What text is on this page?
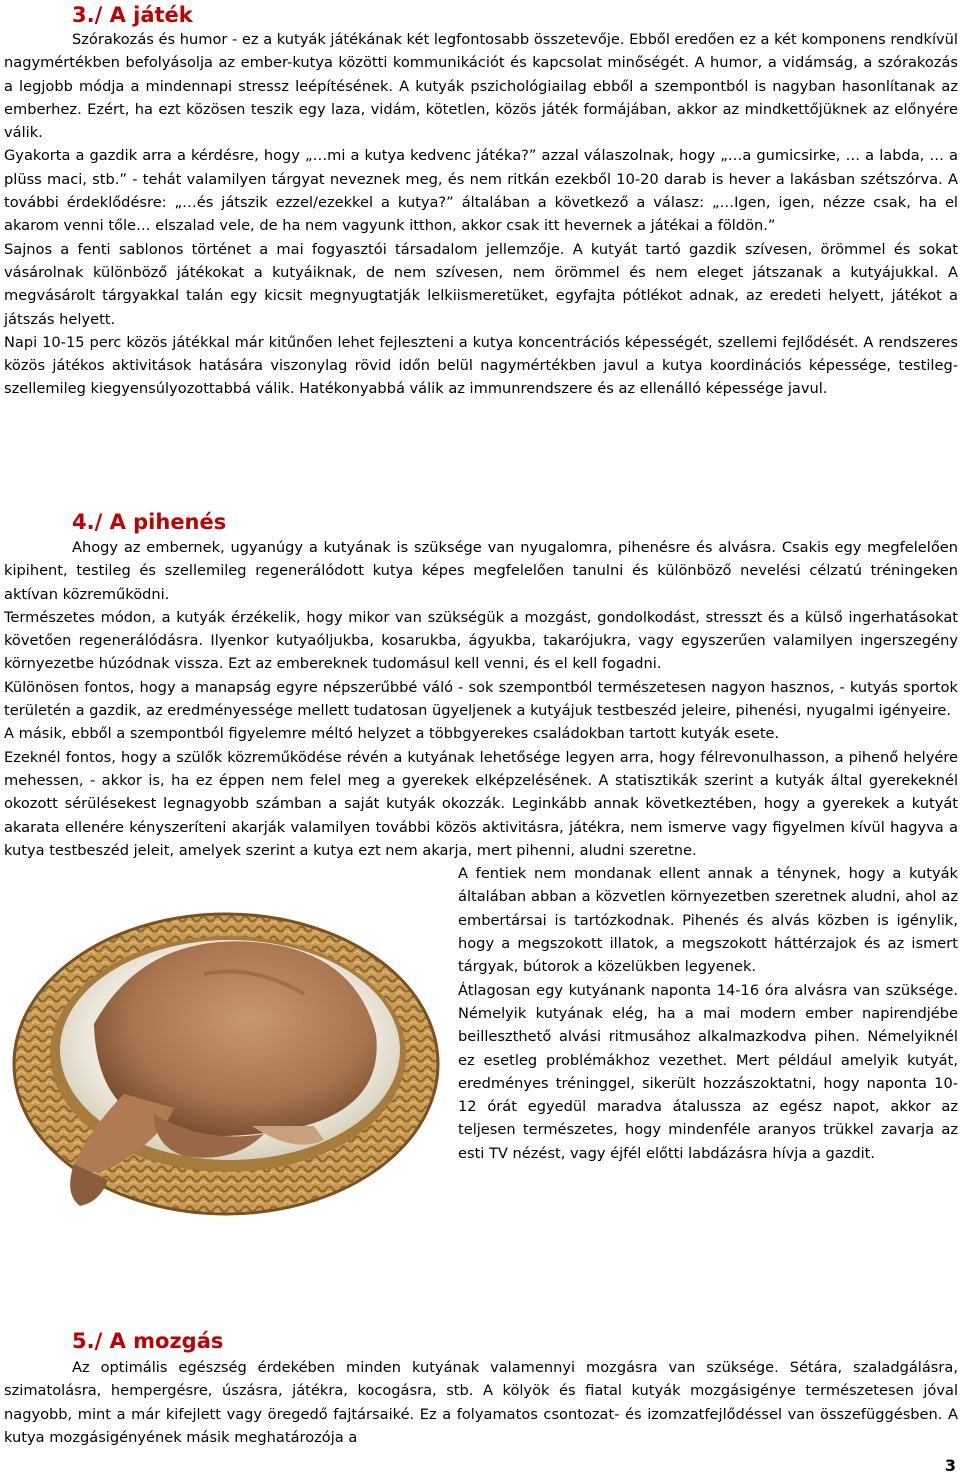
3./ A játék

Szórakozás és humor - ez a kutyák játékának két legfontosabb összetevője. Ebből eredően ez a két komponens rendkívül nagymértékben befolyásolja az ember-kutya közötti kommunikációt és kapcsolat minőségét. A humor, a vidámság, a szórakozás a legjobb módja a mindennapi stressz leépítésének. A kutyák pszichológiailag ebből a szempontból is nagyban hasonlítanak az emberhez. Ezért, ha ezt közösen teszik egy laza, vidám, kötetlen, közös játék formájában, akkor az mindkettőjüknek az előnyére válik.

Gyakorta a gazdik arra a kérdésre, hogy „…mi a kutya kedvenc játéka?” azzal válaszolnak, hogy „…a gumicsirke, … a labda, … a plüss maci, stb.” - tehát valamilyen tárgyat neveznek meg, és nem ritkán ezekből 10-20 darab is hever a lakásban szétszórva. A további érdeklődésre: „…és játszik ezzel/ezekkel a kutya?” általában a következő a válasz: „…Igen, igen, nézze csak, ha el akarom venni tőle… elszalad vele, de ha nem vagyunk itthon, akkor csak itt hevernek a játékai a földön.”

Sajnos a fenti sablonos történet a mai fogyasztói társadalom jellemzője. A kutyát tartó gazdik szívesen, örömmel és sokat vásárolnak különböző játékokat a kutyáiknak, de nem szívesen, nem örömmel és nem eleget játszanak a kutyájukkal. A megvásárolt tárgyakkal talán egy kicsit megnyugtatják lelkiismeretüket, egyfajta pótlékot adnak, az eredeti helyett, játékot a játszás helyett.

Napi 10-15 perc közös játékkal már kitűnően lehet fejleszteni a kutya koncentrációs képességét, szellemi fejlődését. A rendszeres közös játékos aktivitások hatására viszonylag rövid időn belül nagymértékben javul a kutya koordinációs képessége, testileg-szellemileg kiegyensúlyozottabbá válik. Hatékonyabbá válik az immunrendszere és az ellenálló képessége javul.

4./ A pihenés

Ahogy az embernek, ugyanúgy a kutyának is szüksége van nyugalomra, pihenésre és alvásra. Csakis egy megfelelően kipihent, testileg és szellemileg regenerálódott kutya képes megfelelően tanulni és különböző nevelési célzatú tréningeken aktívan közreműködni.

Természetes módon, a kutyák érzékelik, hogy mikor van szükségük a mozgást, gondolkodást, stresszt és a külső ingerhatásokat követően regenerálódásra. Ilyenkor kutyaóljukba, kosarukba, ágyukba, takarójukra, vagy egyszerűen valamilyen ingerszegény környezetbe húzódnak vissza. Ezt az embereknek tudomásul kell venni, és el kell fogadni.

Különösen fontos, hogy a manapság egyre népszerűbbé váló - sok szempontból természetesen nagyon hasznos, - kutyás sportok területén a gazdik, az eredményessége mellett tudatosan ügyeljenek a kutyájuk testbeszéd jeleire, pihenési, nyugalmi igényeire.

A másik, ebből a szempontból figyelemre méltó helyzet a többgyerekes családokban tartott kutyák esete.

Ezeknél fontos, hogy a szülők közreműködése révén a kutyának lehetősége legyen arra, hogy félrevonulhasson, a pihenő helyére mehessen, - akkor is, ha ez éppen nem felel meg a gyerekek elképzelésének. A statisztikák szerint a kutyák által gyerekeknél okozott sérülésekest legnagyobb számban a saját kutyák okozzák. Leginkább annak következtében, hogy a gyerekek a kutyát akarata ellenére kényszeríteni akarják valamilyen további közös aktivitásra, játékra, nem ismerve vagy figyelmen kívül hagyva a kutya testbeszéd jeleit, amelyek szerint a kutya ezt nem akarja, mert pihenni, aludni szeretne.

A fentiek nem mondanak ellent annak a ténynek, hogy a kutyák általában abban a közvetlen környezetben szeretnek aludni, ahol az embertársai is tartózkodnak. Pihenés és alvás közben is igénylik, hogy a megszokott illatok, a megszokott háttérzajok és az ismert tárgyak, bútorok a közelükben legyenek.

Átlagosan egy kutyánank naponta 14-16 óra alvásra van szüksége. Némelyik kutyának elég, ha a mai modern ember napirendjébe beilleszthető alvási ritmusához alkalmazkodva pihen. Némelyiknél ez esetleg problémákhoz vezethet. Mert például amelyik kutyát, eredményes tréninggel, sikerült hozzászoktatni, hogy naponta 10-12 órát egyedül maradva átalussza az egész napot, akkor az teljesen természetes, hogy mindenféle aranyos trükkel zavarja az esti TV nézést, vagy éjfél előtti labdázásra hívja a gazdit.

5./ A mozgás

Az optimális egészség érdekében minden kutyának valamennyi mozgásra van szüksége. Sétára, szaladgálásra, szimatolásra, hempergésre, úszásra, játékra, kocogásra, stb. A kölyök és fiatal kutyák mozgásigénye természetesen jóval nagyobb, mint a már kifejlett vagy öregedő fajtársaiké. Ez a folyamatos csontozat- és izomzatfejlődéssel van összefüggésben. A kutya mozgásigényének másik meghatározója a

3
